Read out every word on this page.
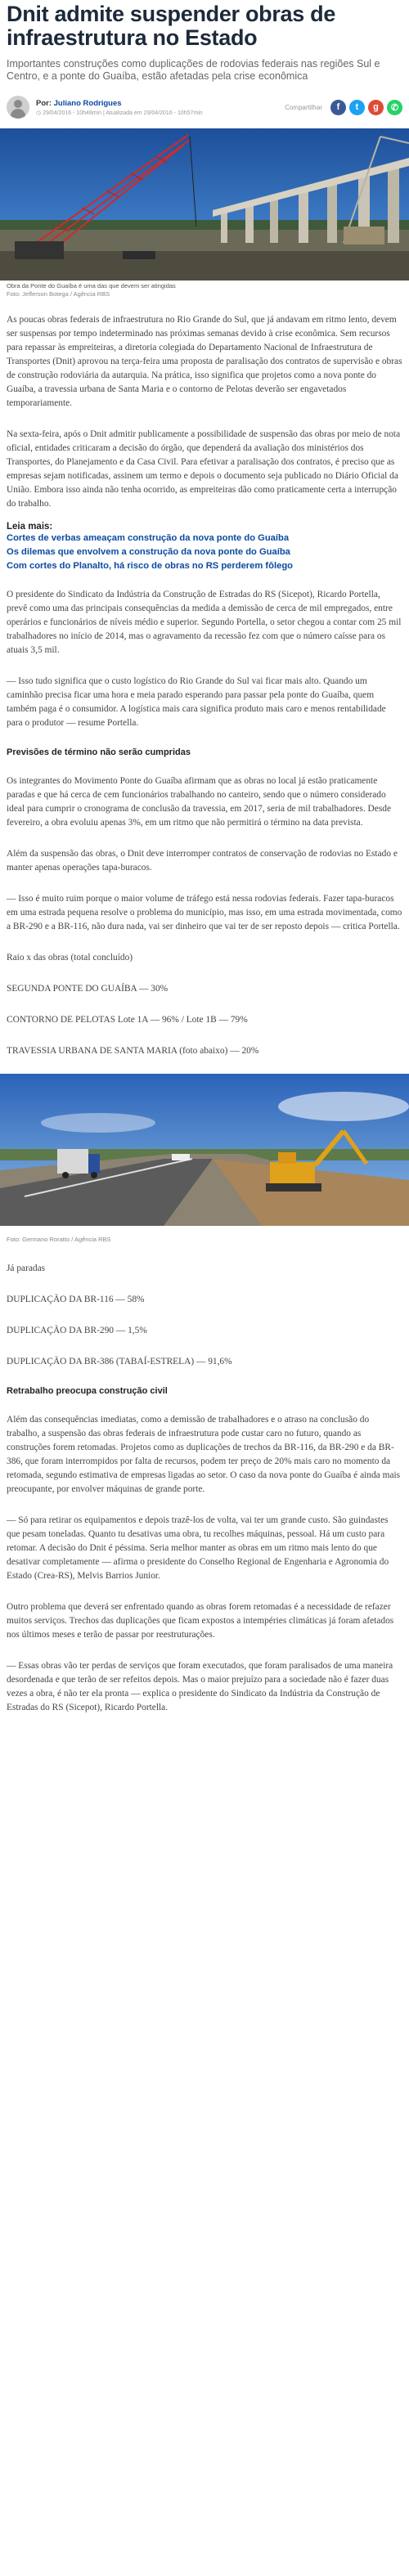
Dnit admite suspender obras de infraestrutura no Estado

Importantes construções como duplicações de rodovias federais nas regiões Sul e Centro, e a ponte do Guaíba, estão afetadas pela crise econômica

Por: Juliano Rodrigues
◷ 29/04/2016 - 10h48min | Atualizada em 29/04/2016 - 10h57min
Compartilhar	f	t	g	✆
Obra da Ponte do Guaíba é uma das que devem ser atingidas
Foto: Jefferson Botega / Agência RBS

As poucas obras federais de infraestrutura no Rio Grande do Sul, que já andavam em ritmo lento, devem ser suspensas por tempo indeterminado nas próximas semanas devido à crise econômica. Sem recursos para repassar às empreiteiras, a diretoria colegiada do Departamento Nacional de Infraestrutura de Transportes (Dnit) aprovou na terça-feira uma proposta de paralisação dos contratos de supervisão e obras de construção rodoviária da autarquia. Na prática, isso significa que projetos como a nova ponte do Guaíba, a travessia urbana de Santa Maria e o contorno de Pelotas deverão ser engavetados temporariamente.

Na sexta-feira, após o Dnit admitir publicamente a possibilidade de suspensão das obras por meio de nota oficial, entidades criticaram a decisão do órgão, que dependerá da avaliação dos ministérios dos Transportes, do Planejamento e da Casa Civil. Para efetivar a paralisação dos contratos, é preciso que as empresas sejam notificadas, assinem um termo e depois o documento seja publicado no Diário Oficial da União. Embora isso ainda não tenha ocorrido, as empreiteiras dão como praticamente certa a interrupção do trabalho.

Leia mais:
Cortes de verbas ameaçam construção da nova ponte do Guaíba
Os dilemas que envolvem a construção da nova ponte do Guaíba
Com cortes do Planalto, há risco de obras no RS perderem fôlego

O presidente do Sindicato da Indústria da Construção de Estradas do RS (Sicepot), Ricardo Portella, prevê como uma das principais consequências da medida a demissão de cerca de mil empregados, entre operários e funcionários de níveis médio e superior. Segundo Portella, o setor chegou a contar com 25 mil trabalhadores no início de 2014, mas o agravamento da recessão fez com que o número caísse para os atuais 3,5 mil.

— Isso tudo significa que o custo logístico do Rio Grande do Sul vai ficar mais alto. Quando um caminhão precisa ficar uma hora e meia parado esperando para passar pela ponte do Guaíba, quem também paga é o consumidor. A logística mais cara significa produto mais caro e menos rentabilidade para o produtor — resume Portella.

Previsões de término não serão cumpridas

Os integrantes do Movimento Ponte do Guaíba afirmam que as obras no local já estão praticamente paradas e que há cerca de cem funcionários trabalhando no canteiro, sendo que o número considerado ideal para cumprir o cronograma de conclusão da travessia, em 2017, seria de mil trabalhadores. Desde fevereiro, a obra evoluiu apenas 3%, em um ritmo que não permitirá o término na data prevista.

Além da suspensão das obras, o Dnit deve interromper contratos de conservação de rodovias no Estado e manter apenas operações tapa-buracos.

— Isso é muito ruim porque o maior volume de tráfego está nessa rodovias federais. Fazer tapa-buracos em uma estrada pequena resolve o problema do município, mas isso, em uma estrada movimentada, como a BR-290 e a BR-116, não dura nada, vai ser dinheiro que vai ter de ser reposto depois — critica Portella.

Raio x das obras (total concluído)

SEGUNDA PONTE DO GUAÍBA — 30%

CONTORNO DE PELOTAS Lote 1A — 96% / Lote 1B — 79%

TRAVESSIA URBANA DE SANTA MARIA (foto abaixo) — 20%

Foto: Germano Roratto / Agência RBS

Já paradas

DUPLICAÇÃO DA BR-116 — 58%

DUPLICAÇÃO DA BR-290 — 1,5%

DUPLICAÇÃO DA BR-386 (TABAÍ-ESTRELA) — 91,6%

Retrabalho preocupa construção civil

Além das consequências imediatas, como a demissão de trabalhadores e o atraso na conclusão do trabalho, a suspensão das obras federais de infraestrutura pode custar caro no futuro, quando as construções forem retomadas. Projetos como as duplicações de trechos da BR-116, da BR-290 e da BR-386, que foram interrompidos por falta de recursos, podem ter preço de 20% mais caro no momento da retomada, segundo estimativa de empresas ligadas ao setor. O caso da nova ponte do Guaíba é ainda mais preocupante, por envolver máquinas de grande porte.

— Só para retirar os equipamentos e depois trazê-los de volta, vai ter um grande custo. São guindastes que pesam toneladas. Quanto tu desativas uma obra, tu recolhes máquinas, pessoal. Há um custo para retomar. A decisão do Dnit é péssima. Seria melhor manter as obras em um ritmo mais lento do que desativar completamente — afirma o presidente do Conselho Regional de Engenharia e Agronomia do Estado (Crea-RS), Melvis Barrios Junior.

Outro problema que deverá ser enfrentado quando as obras forem retomadas é a necessidade de refazer muitos serviços. Trechos das duplicações que ficam expostos a intempéries climáticas já foram afetados nos últimos meses e terão de passar por reestruturações.

— Essas obras vão ter perdas de serviços que foram executados, que foram paralisados de uma maneira desordenada e que terão de ser refeitos depois. Mas o maior prejuízo para a sociedade não é fazer duas vezes a obra, é não ter ela pronta — explica o presidente do Sindicato da Indústria da Construção de Estradas do RS (Sicepot), Ricardo Portella.
